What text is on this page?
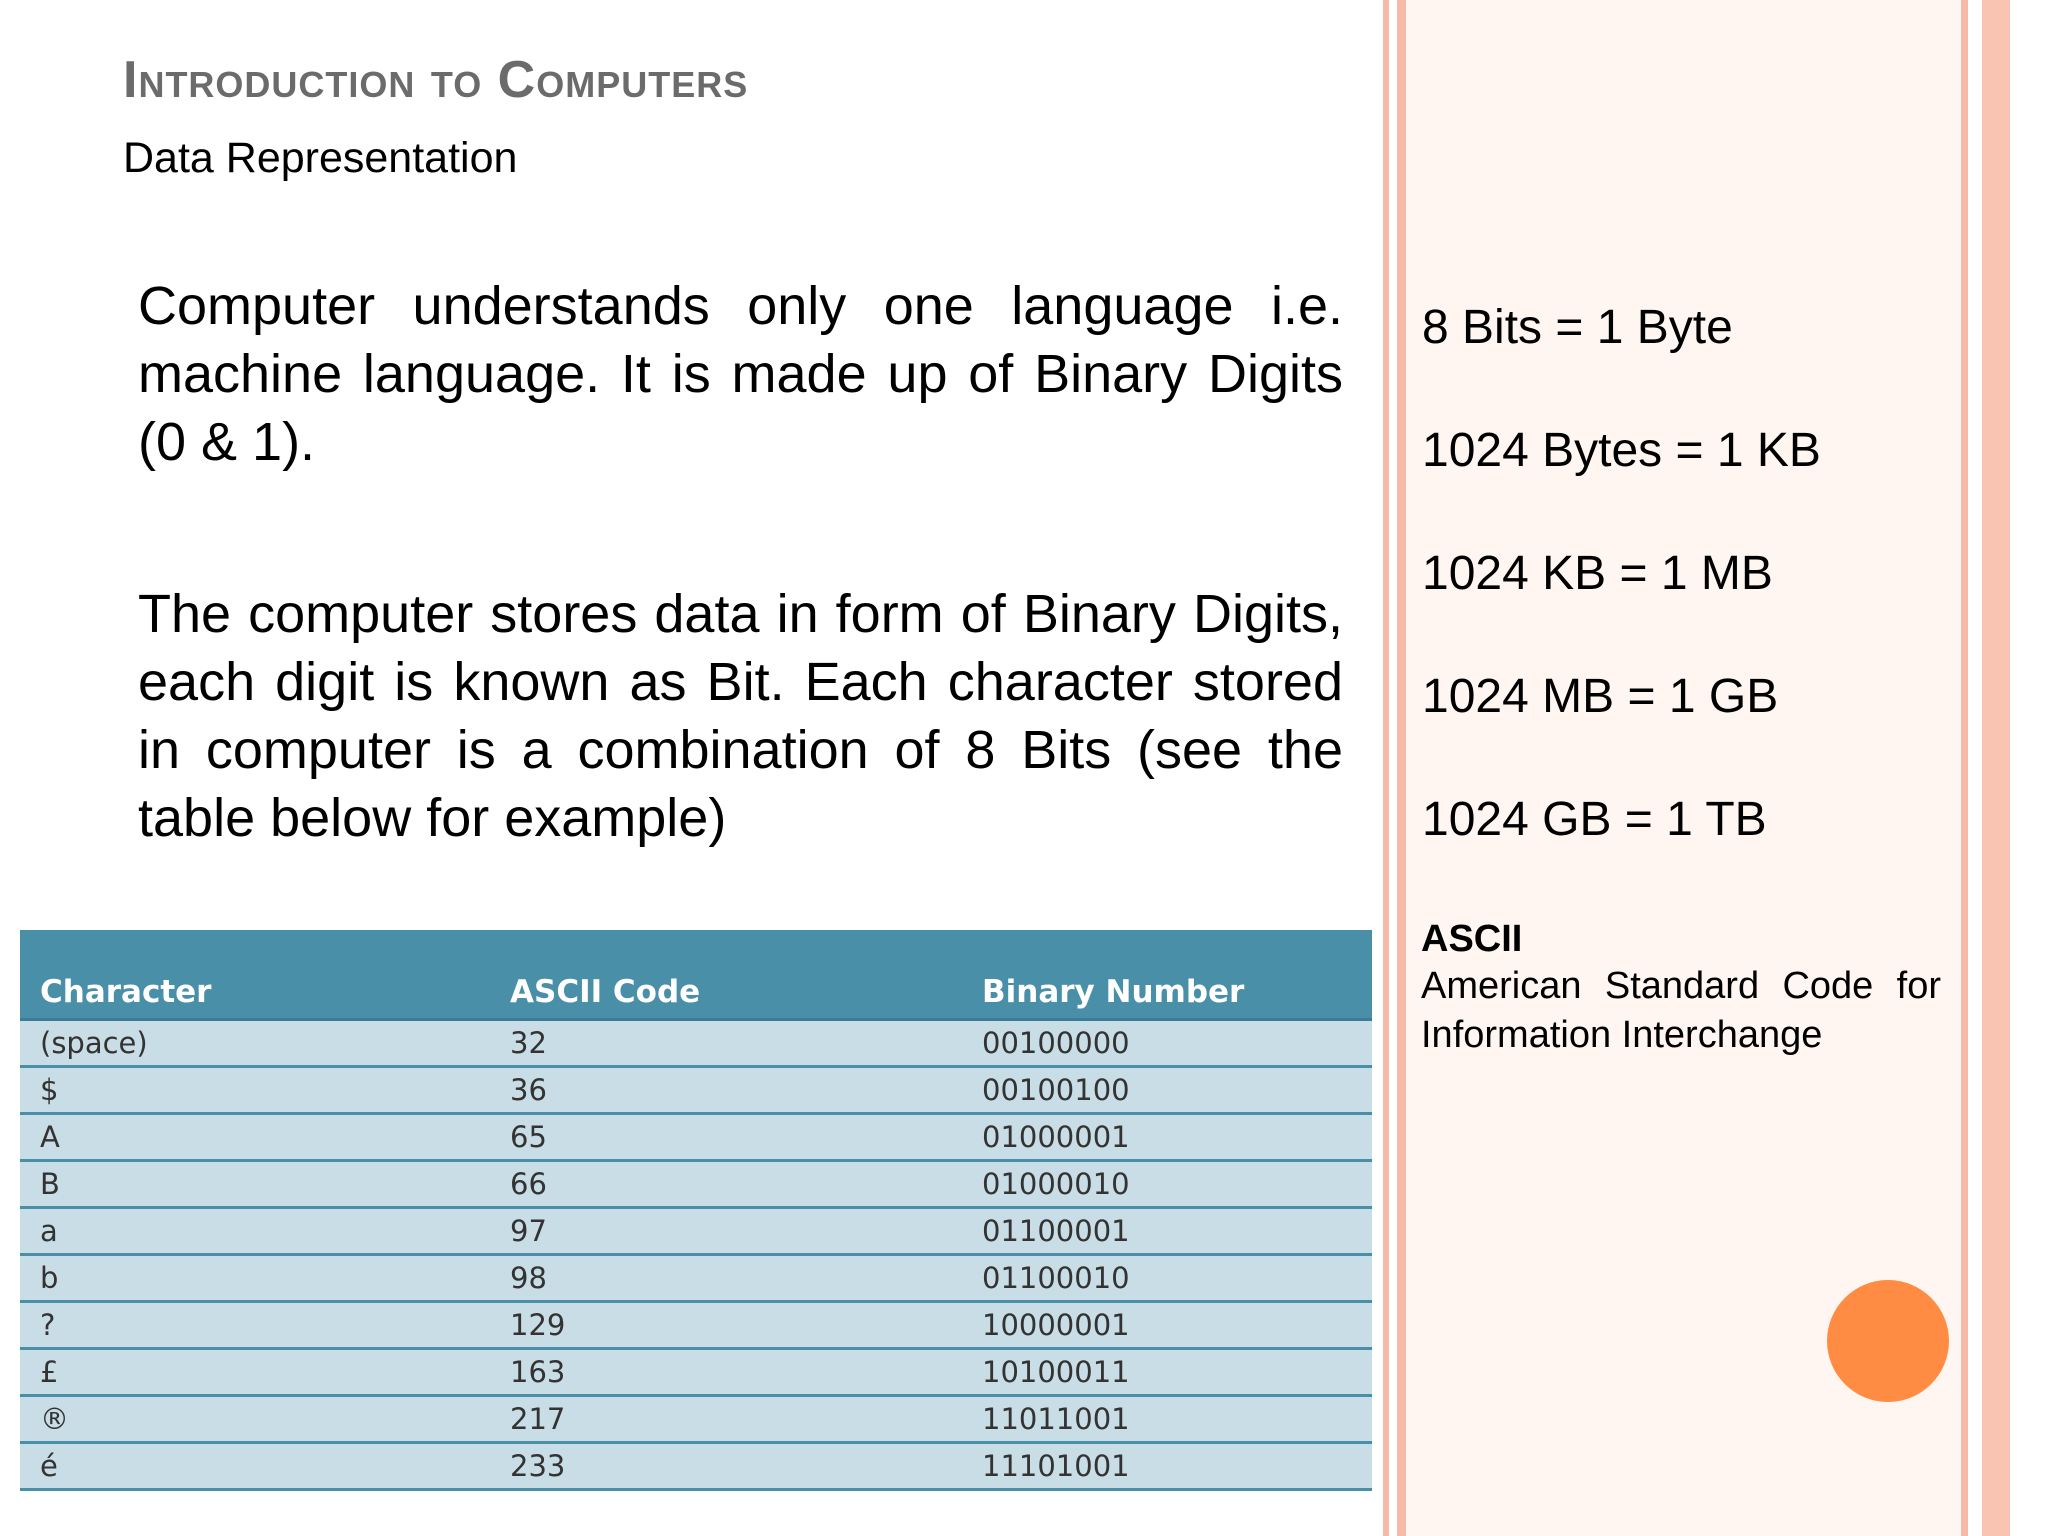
Introduction to Computers
Data Representation

Computer understands only one language i.e. machine language. It is made up of Binary Digits (0 & 1).

The computer stores data in form of Binary Digits, each digit is known as Bit. Each character stored in computer is a combination of 8 Bits (see the table below for example)

8 Bits = 1 Byte
1024 Bytes = 1 KB
1024 KB = 1 MB
1024 MB = 1 GB
1024 GB = 1 TB
ASCII
American Standard Code for Information Interchange
Character	ASCII Code	Binary Number
(space)	32	00100000
$	36	00100100
A	65	01000001
B	66	01000010
a	97	01100001
b	98	01100010
?	129	10000001
£	163	10100011
®	217	11011001
é	233	11101001
